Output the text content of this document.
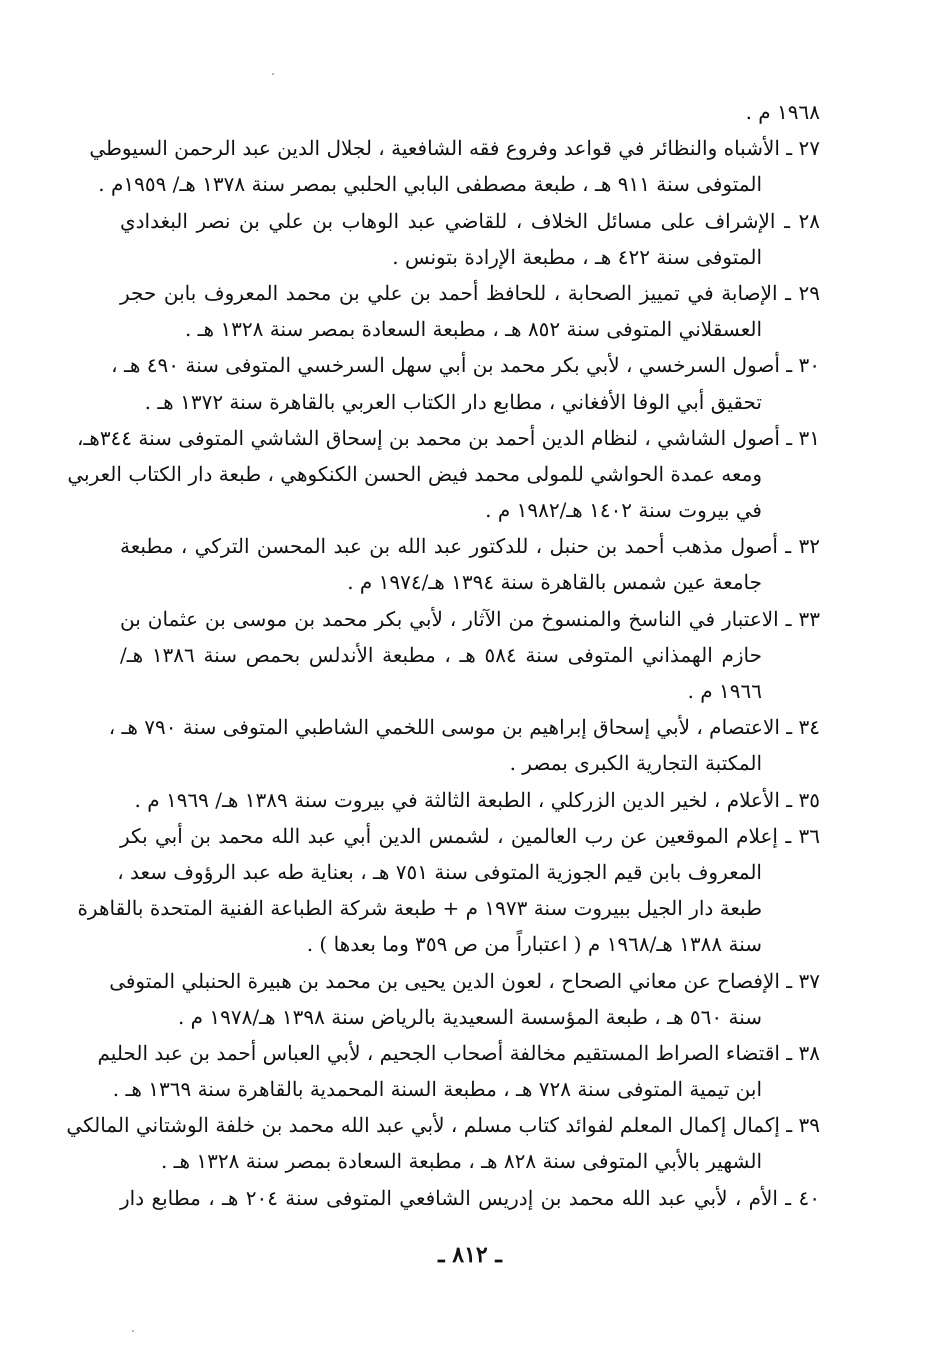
١٩٦٨ م .
٢٧ ـ الأشباه والنظائر في قواعد وفروع فقه الشافعية ، لجلال الدين عبد الرحمن السيوطي
المتوفى سنة ٩١١ هـ ، طبعة مصطفى البابي الحلبي بمصر سنة ١٣٧٨ هـ/ ١٩٥٩م .
٢٨ ـ الإشراف على مسائل الخلاف ، للقاضي عبد الوهاب بن علي بن نصر البغدادي
المتوفى سنة ٤٢٢ هـ ، مطبعة الإرادة بتونس .
٢٩ ـ الإصابة في تمييز الصحابة ، للحافظ أحمد بن علي بن محمد المعروف بابن حجر
العسقلاني المتوفى سنة ٨٥٢ هـ ، مطبعة السعادة بمصر سنة ١٣٢٨ هـ .
٣٠ ـ أصول السرخسي ، لأبي بكر محمد بن أبي سهل السرخسي المتوفى سنة ٤٩٠ هـ ،
تحقيق أبي الوفا الأفغاني ، مطابع دار الكتاب العربي بالقاهرة سنة ١٣٧٢ هـ .
٣١ ـ أصول الشاشي ، لنظام الدين أحمد بن محمد بن إسحاق الشاشي المتوفى سنة ٣٤٤هـ،
ومعه عمدة الحواشي للمولى محمد فيض الحسن الكنكوهي ، طبعة دار الكتاب العربي
في بيروت سنة ١٤٠٢ هـ/١٩٨٢ م .
٣٢ ـ أصول مذهب أحمد بن حنبل ، للدكتور عبد الله بن عبد المحسن التركي ، مطبعة
جامعة عين شمس بالقاهرة سنة ١٣٩٤ هـ/١٩٧٤ م .
٣٣ ـ الاعتبار في الناسخ والمنسوخ من الآثار ، لأبي بكر محمد بن موسى بن عثمان بن
حازم الهمذاني المتوفى سنة ٥٨٤ هـ ، مطبعة الأندلس بحمص سنة ١٣٨٦ هـ/
١٩٦٦ م .
٣٤ ـ الاعتصام ، لأبي إسحاق إبراهيم بن موسى اللخمي الشاطبي المتوفى سنة ٧٩٠ هـ ،
المكتبة التجارية الكبرى بمصر .
٣٥ ـ الأعلام ، لخير الدين الزركلي ، الطبعة الثالثة في بيروت سنة ١٣٨٩ هـ/ ١٩٦٩ م .
٣٦ ـ إعلام الموقعين عن رب العالمين ، لشمس الدين أبي عبد الله محمد بن أبي بكر
المعروف بابن قيم الجوزية المتوفى سنة ٧٥١ هـ ، بعناية طه عبد الرؤوف سعد ،
طبعة دار الجيل ببيروت سنة ١٩٧٣ م + طبعة شركة الطباعة الفنية المتحدة بالقاهرة
سنة ١٣٨٨ هـ/١٩٦٨ م ( اعتباراً من ص ٣٥٩ وما بعدها ) .
٣٧ ـ الإفصاح عن معاني الصحاح ، لعون الدين يحيى بن محمد بن هبيرة الحنبلي المتوفى
سنة ٥٦٠ هـ ، طبعة المؤسسة السعيدية بالرياض سنة ١٣٩٨ هـ/١٩٧٨ م .
٣٨ ـ اقتضاء الصراط المستقيم مخالفة أصحاب الجحيم ، لأبي العباس أحمد بن عبد الحليم
ابن تيمية المتوفى سنة ٧٢٨ هـ ، مطبعة السنة المحمدية بالقاهرة سنة ١٣٦٩ هـ .
٣٩ ـ إكمال إكمال المعلم لفوائد كتاب مسلم ، لأبي عبد الله محمد بن خلفة الوشتاني المالكي
الشهير بالأبي المتوفى سنة ٨٢٨ هـ ، مطبعة السعادة بمصر سنة ١٣٢٨ هـ .
٤٠ ـ الأم ، لأبي عبد الله محمد بن إدريس الشافعي المتوفى سنة ٢٠٤ هـ ، مطابع دار
ـ ٨١٢ ـ
